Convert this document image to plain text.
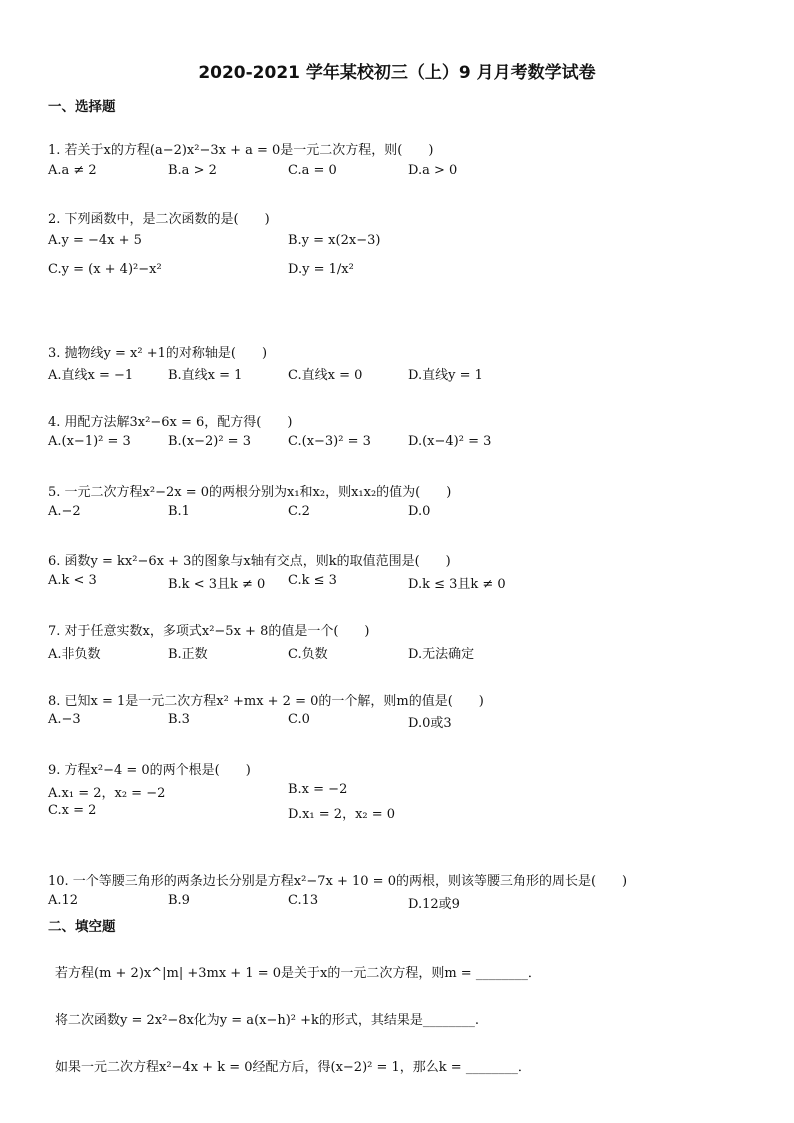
2020-2021 学年某校初三（上）9 月月考数学试卷
一、选择题
1. 若关于x的方程(a−2)x²−3x + a = 0是一元二次方程，则(　　)
A.a ≠ 2	B.a > 2	C.a = 0	D.a > 0
2. 下列函数中，是二次函数的是(　　)
A.y = −4x + 5	B.y = x(2x−3)
C.y = (x + 4)²−x²	D.y = 1/x²
3. 抛物线y = x² +1的对称轴是(　　)
A.直线x = −1	B.直线x = 1	C.直线x = 0	D.直线y = 1
4. 用配方法解3x²−6x = 6，配方得(　　)
A.(x−1)² = 3	B.(x−2)² = 3	C.(x−3)² = 3	D.(x−4)² = 3
5. 一元二次方程x²−2x = 0的两根分别为x₁和x₂，则x₁x₂的值为(　　)
A.−2	B.1	C.2	D.0
6. 函数y = kx²−6x + 3的图象与x轴有交点，则k的取值范围是(　　)
A.k < 3	B.k < 3且k ≠ 0 C.k ≤ 3	D.k ≤ 3且k ≠ 0
7. 对于任意实数x，多项式x²−5x + 8的值是一个(　　)
A.非负数	B.正数	C.负数	D.无法确定
8. 已知x = 1是一元二次方程x² +mx + 2 = 0的一个解，则m的值是(　　)
A.−3	B.3	C.0	D.0或3
9. 方程x²−4 = 0的两个根是(　　)
A.x₁ = 2，x₂ = −2	B.x = −2
C.x = 2	D.x₁ = 2，x₂ = 0
10. 一个等腰三角形的两条边长分别是方程x²−7x + 10 = 0的两根，则该等腰三角形的周长是(　　)
A.12	B.9	C.13	D.12或9
二、填空题
若方程(m + 2)x^|m| +3mx + 1 = 0是关于x的一元二次方程，则m = ________．
将二次函数y = 2x²−8x化为y = a(x−h)² +k的形式，其结果是________.
如果一元二次方程x²−4x + k = 0经配方后，得(x−2)² = 1，那么k = ________．
